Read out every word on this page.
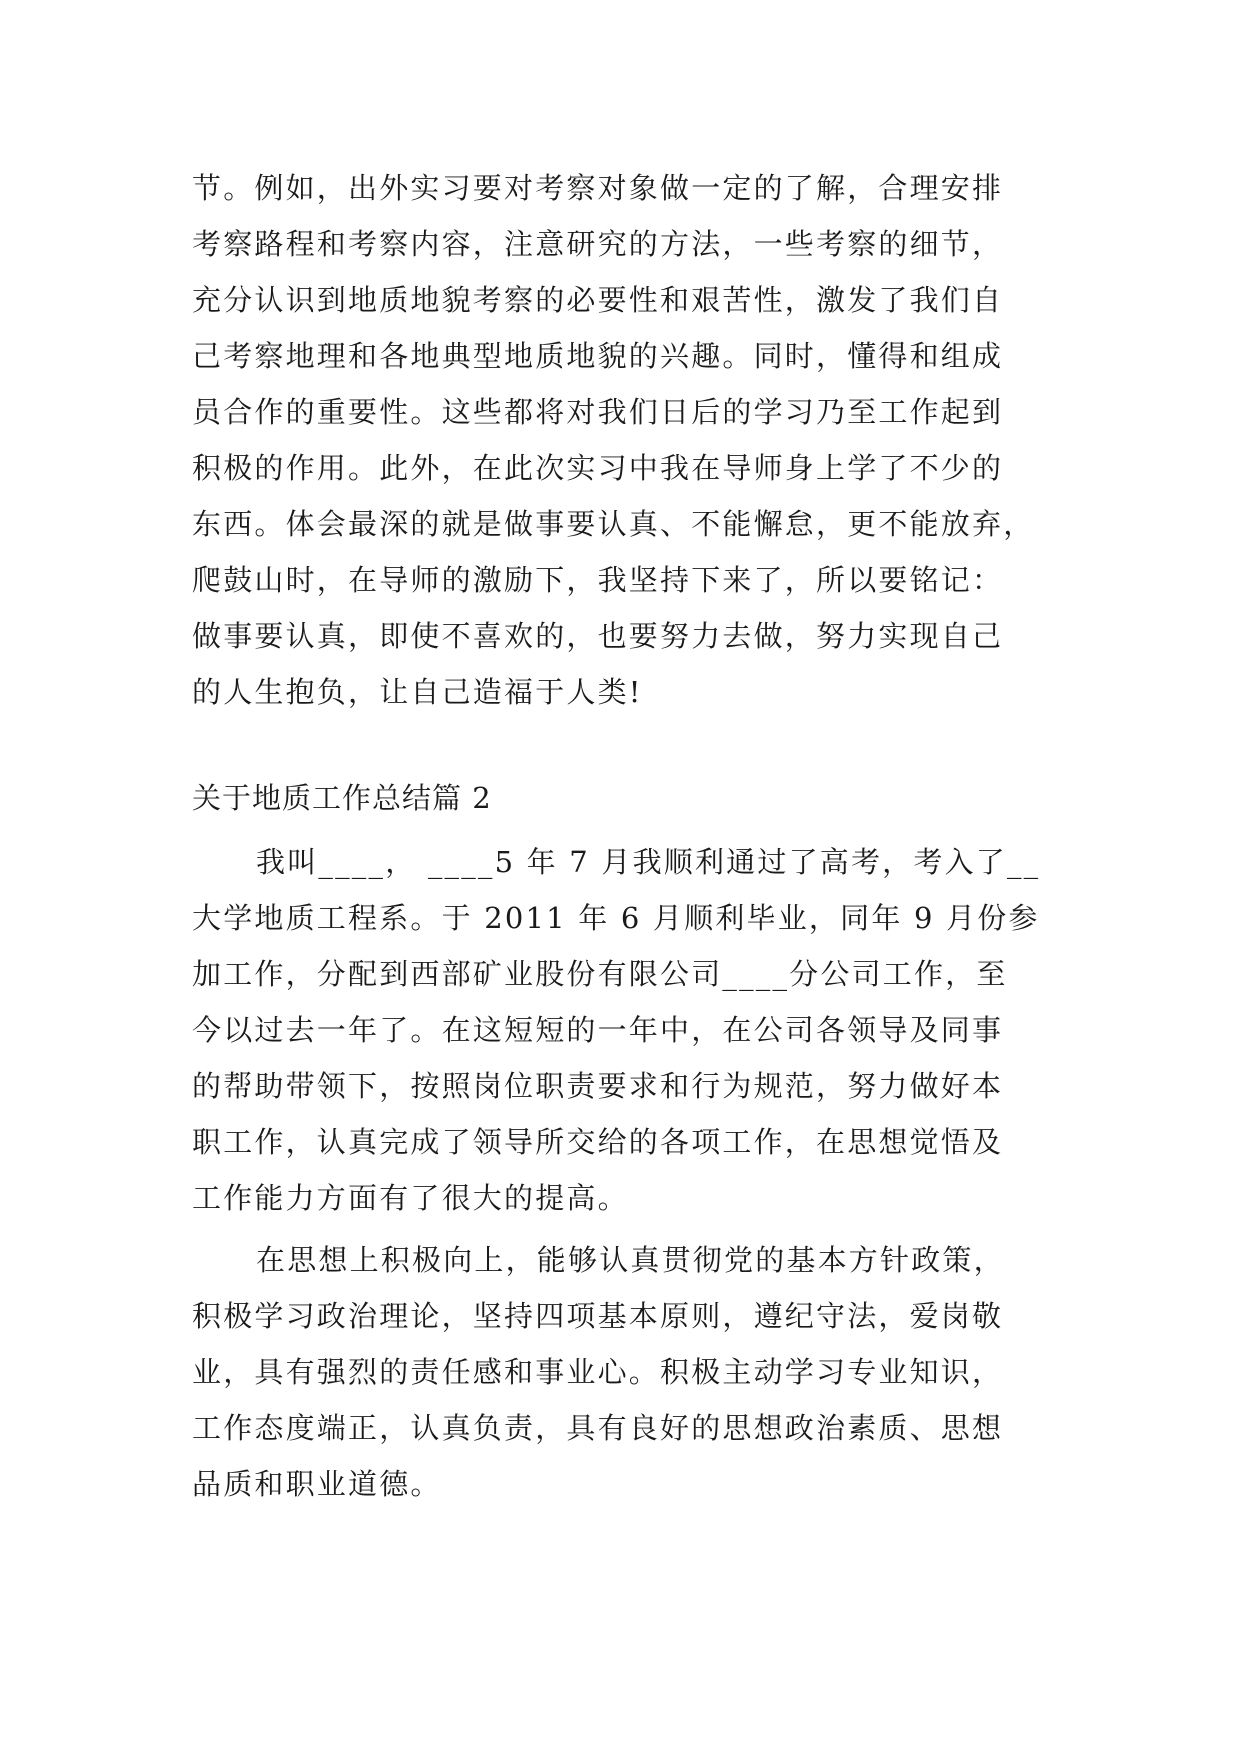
节。例如，出外实习要对考察对象做一定的了解，合理安排
考察路程和考察内容，注意研究的方法，一些考察的细节，
充分认识到地质地貌考察的必要性和艰苦性，激发了我们自
己考察地理和各地典型地质地貌的兴趣。同时，懂得和组成
员合作的重要性。这些都将对我们日后的学习乃至工作起到
积极的作用。此外，在此次实习中我在导师身上学了不少的
东西。体会最深的就是做事要认真、不能懈怠，更不能放弃，
爬鼓山时，在导师的激励下，我坚持下来了，所以要铭记：
做事要认真，即使不喜欢的，也要努力去做，努力实现自己
的人生抱负，让自己造福于人类!
关于地质工作总结篇 2
我叫____， ____5 年 7 月我顺利通过了高考，考入了__
大学地质工程系。于 2011 年 6 月顺利毕业，同年 9 月份参
加工作，分配到西部矿业股份有限公司____分公司工作，至
今以过去一年了。在这短短的一年中，在公司各领导及同事
的帮助带领下，按照岗位职责要求和行为规范，努力做好本
职工作，认真完成了领导所交给的各项工作，在思想觉悟及
工作能力方面有了很大的提高。
在思想上积极向上，能够认真贯彻党的基本方针政策，
积极学习政治理论，坚持四项基本原则，遵纪守法，爱岗敬
业，具有强烈的责任感和事业心。积极主动学习专业知识，
工作态度端正，认真负责，具有良好的思想政治素质、思想
品质和职业道德。
